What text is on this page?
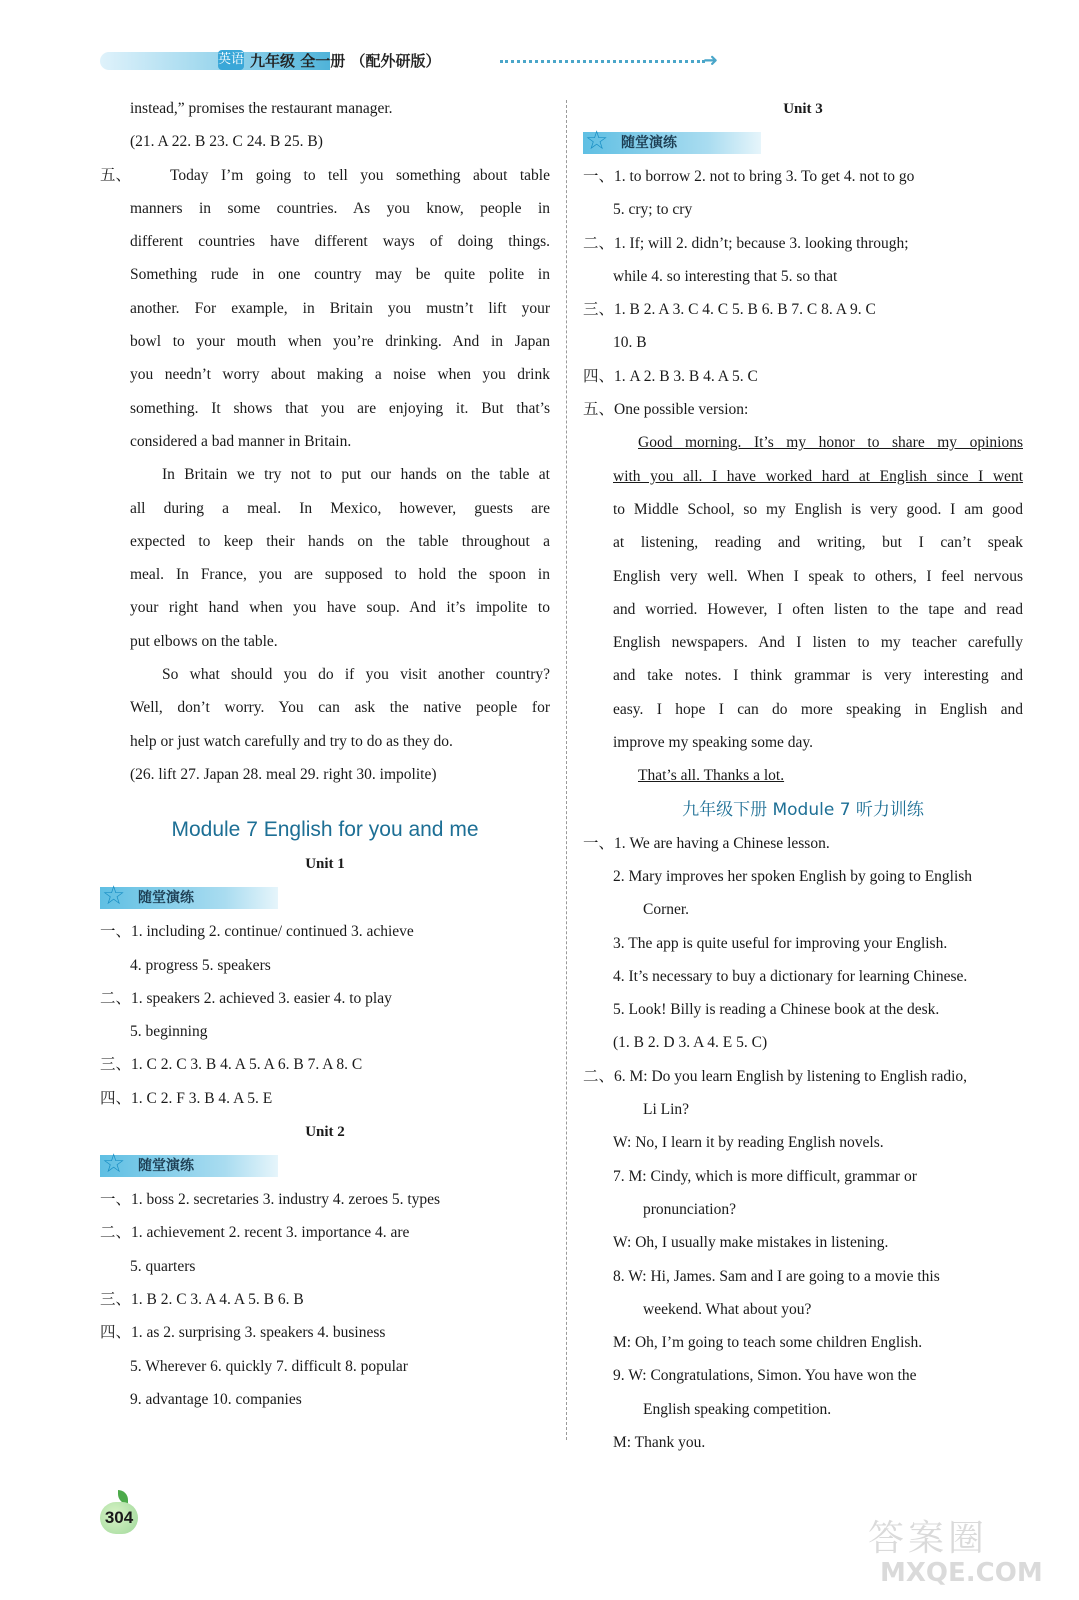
英语 九年级 全一册 （配外研版）	➜
instead,” promises the restaurant manager.
(21. A 22. B 23. C 24. B 25. B)
五、	Today I’m going to tell you something about table
manners in some countries. As you know, people in
different countries have different ways of doing things.
Something rude in one country may be quite polite in
another. For example, in Britain you mustn’t lift your
bowl to your mouth when you’re drinking. And in Japan
you needn’t worry about making a noise when you drink
something. It shows that you are enjoying it. But that’s
considered a bad manner in Britain.
In Britain we try not to put our hands on the table at
all during a meal. In Mexico, however, guests are
expected to keep their hands on the table throughout a
meal. In France, you are supposed to hold the spoon in
your right hand when you have soup. And it’s impolite to
put elbows on the table.
So what should you do if you visit another country?
Well, don’t worry. You can ask the native people for
help or just watch carefully and try to do as they do.
(26. lift 27. Japan 28. meal 29. right 30. impolite)
Module 7 English for you and me
Unit 1
☆ 随堂演练
一、1. including 2. continue/ continued 3. achieve
4. progress 5. speakers
二、1. speakers 2. achieved 3. easier 4. to play
5. beginning
三、1. C 2. C 3. B 4. A 5. A 6. B 7. A 8. C
四、1. C 2. F 3. B 4. A 5. E
Unit 2
☆ 随堂演练
一、1. boss 2. secretaries 3. industry 4. zeroes 5. types
二、1. achievement 2. recent 3. importance 4. are
5. quarters
三、1. B 2. C 3. A 4. A 5. B 6. B
四、1. as 2. surprising 3. speakers 4. business
5. Wherever 6. quickly 7. difficult 8. popular
9. advantage 10. companies
Unit 3
☆ 随堂演练
一、1. to borrow 2. not to bring 3. To get 4. not to go
5. cry; to cry
二、1. If; will 2. didn’t; because 3. looking through;
while 4. so interesting that 5. so that
三、1. B 2. A 3. C 4. C 5. B 6. B 7. C 8. A 9. C
10. B
四、1. A 2. B 3. B 4. A 5. C
五、One possible version:
Good morning. It’s my honor to share my opinions
with you all. I have worked hard at English since I went
to Middle School, so my English is very good. I am good
at listening, reading and writing, but I can’t speak
English very well. When I speak to others, I feel nervous
and worried. However, I often listen to the tape and read
English newspapers. And I listen to my teacher carefully
and take notes. I think grammar is very interesting and
easy. I hope I can do more speaking in English and
improve my speaking some day.
That’s all. Thanks a lot.
九年级下册 Module 7 听力训练
一、1. We are having a Chinese lesson.
2. Mary improves her spoken English by going to English
Corner.
3. The app is quite useful for improving your English.
4. It’s necessary to buy a dictionary for learning Chinese.
5. Look! Billy is reading a Chinese book at the desk.
(1. B 2. D 3. A 4. E 5. C)
二、6. M: Do you learn English by listening to English radio,
Li Lin?
W: No, I learn it by reading English novels.
7. M: Cindy, which is more difficult, grammar or
pronunciation?
W: Oh, I usually make mistakes in listening.
8. W: Hi, James. Sam and I are going to a movie this
weekend. What about you?
M: Oh, I’m going to teach some children English.
9. W: Congratulations, Simon. You have won the
English speaking competition.
M: Thank you.
304
答案圈
MXQE.COM
